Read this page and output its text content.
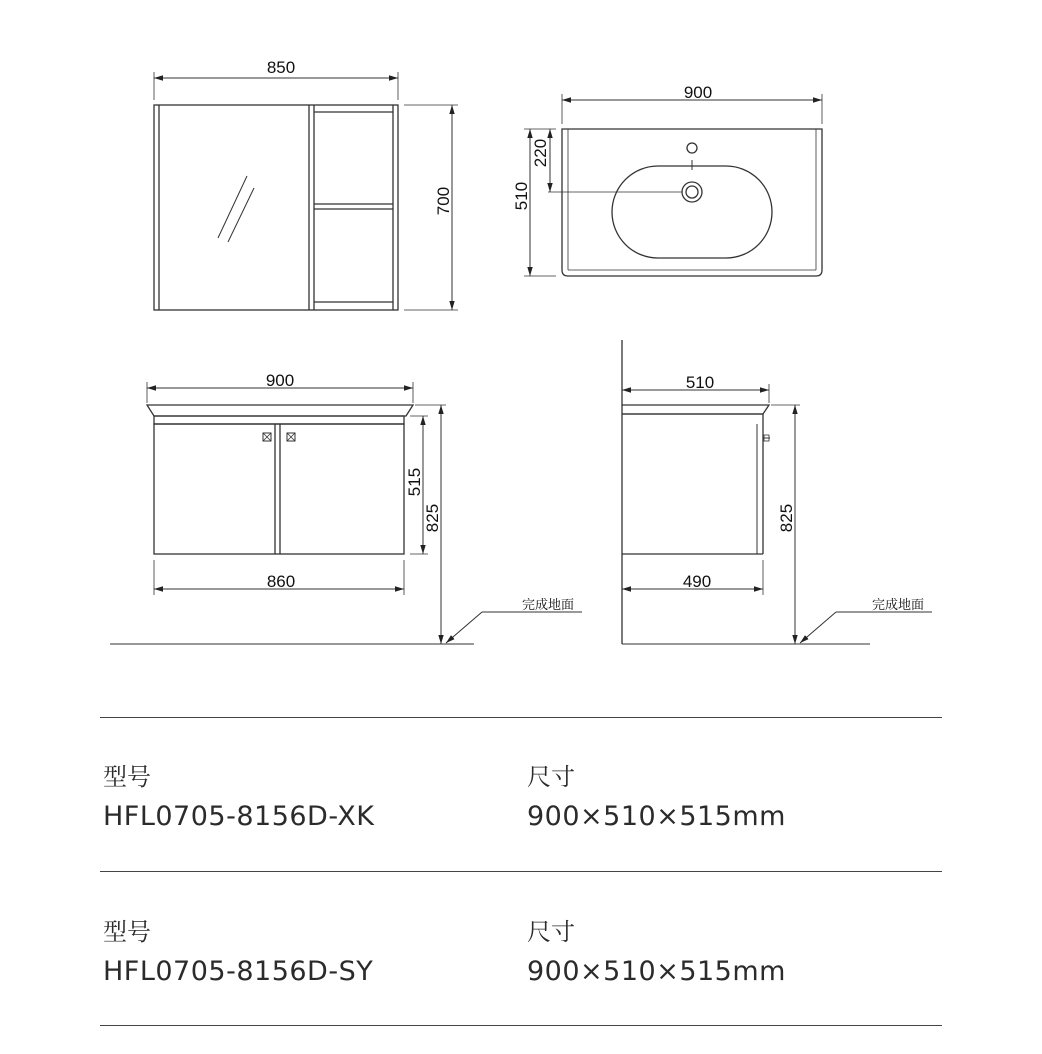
850
700
900
510
220
900
860
515
825
完成地面
510
490
825
完成地面
型号
HFL0705-8156D-XK
尺寸
900×510×515mm
型号
HFL0705-8156D-SY
尺寸
900×510×515mm
